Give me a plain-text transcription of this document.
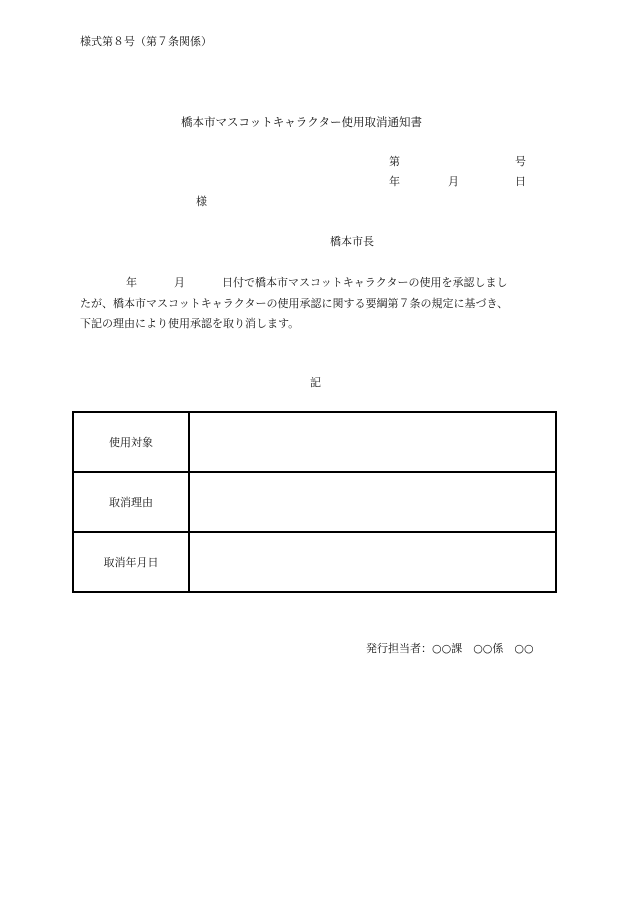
様式第８号（第７条関係）
橋本市マスコットキャラクター使用取消通知書
第	号
年	月	日
様
橋本市長
年	月	日付で橋本市マスコットキャラクターの使用を承認しまし
たが、橋本市マスコットキャラクターの使用承認に関する要綱第７条の規定に基づき、
下記の理由により使用承認を取り消します。
記
使用対象	
取消理由	
取消年月日	
発行担当者：○○課　○○係　○○
